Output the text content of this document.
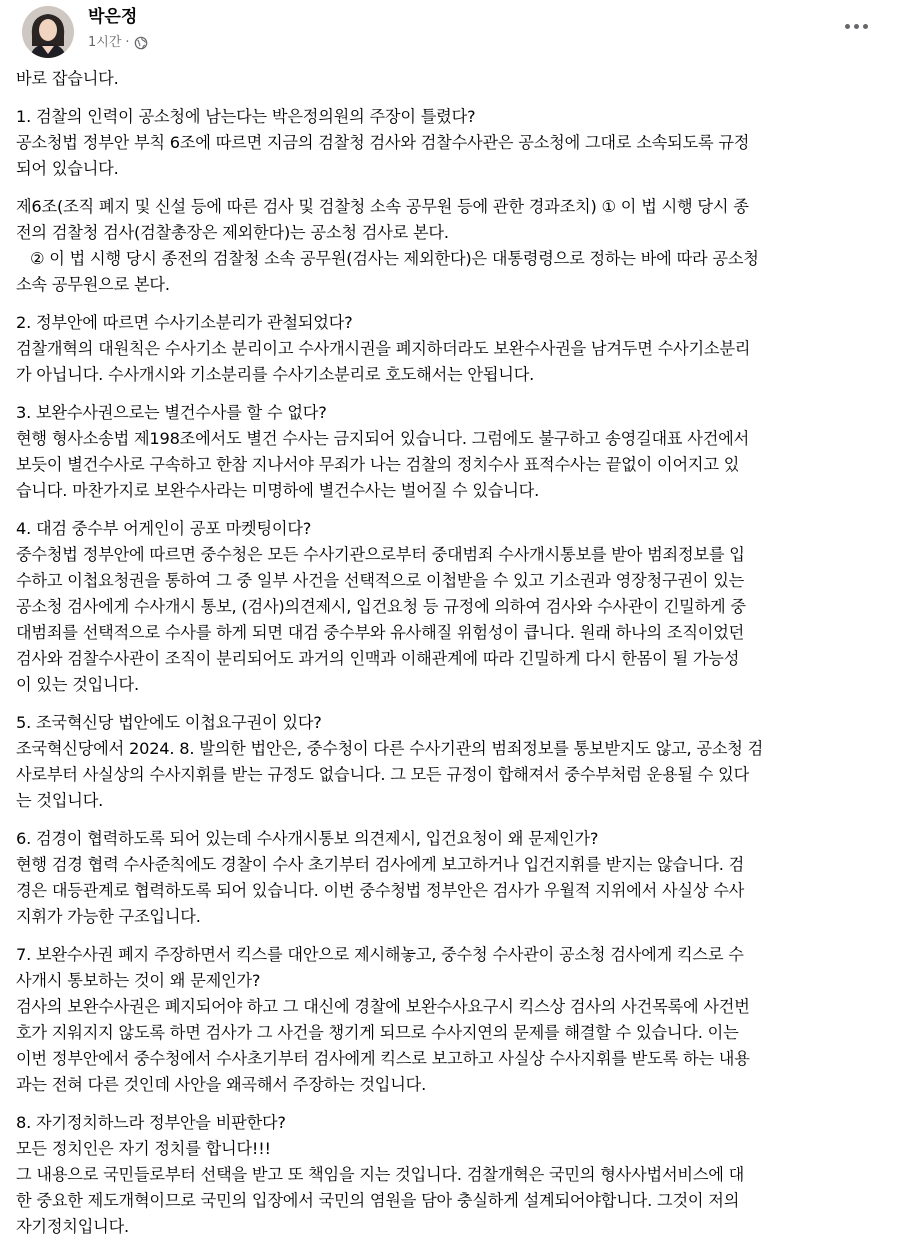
박은정
1시간 ·

바로 잡습니다.

1. 검찰의 인력이 공소청에 남는다는 박은정의원의 주장이 틀렸다?
공소청법 정부안 부칙 6조에 따르면 지금의 검찰청 검사와 검찰수사관은 공소청에 그대로 소속되도록 규정
되어 있습니다.

제6조(조직 폐지 및 신설 등에 따른 검사 및 검찰청 소속 공무원 등에 관한 경과조치) ① 이 법 시행 당시 종
전의 검찰청 검사(검찰총장은 제외한다)는 공소청 검사로 본다.
② 이 법 시행 당시 종전의 검찰청 소속 공무원(검사는 제외한다)은 대통령령으로 정하는 바에 따라 공소청
소속 공무원으로 본다.

2. 정부안에 따르면 수사기소분리가 관철되었다?
검찰개혁의 대원칙은 수사기소 분리이고 수사개시권을 폐지하더라도 보완수사권을 남겨두면 수사기소분리
가 아닙니다. 수사개시와 기소분리를 수사기소분리로 호도해서는 안됩니다.

3. 보완수사권으로는 별건수사를 할 수 없다?
현행 형사소송법 제198조에서도 별건 수사는 금지되어 있습니다. 그럼에도 불구하고 송영길대표 사건에서
보듯이 별건수사로 구속하고 한참 지나서야 무죄가 나는 검찰의 정치수사 표적수사는 끝없이 이어지고 있
습니다. 마찬가지로 보완수사라는 미명하에 별건수사는 벌어질 수 있습니다.

4. 대검 중수부 어게인이 공포 마켓팅이다?
중수청법 정부안에 따르면 중수청은 모든 수사기관으로부터 중대범죄 수사개시통보를 받아 범죄정보를 입
수하고 이첩요청권을 통하여 그 중 일부 사건을 선택적으로 이첩받을 수 있고 기소권과 영장청구권이 있는
공소청 검사에게 수사개시 통보, (검사)의견제시, 입건요청 등 규정에 의하여 검사와 수사관이 긴밀하게 중
대범죄를 선택적으로 수사를 하게 되면 대검 중수부와 유사해질 위험성이 큽니다. 원래 하나의 조직이었던
검사와 검찰수사관이 조직이 분리되어도 과거의 인맥과 이해관계에 따라 긴밀하게 다시 한몸이 될 가능성
이 있는 것입니다.

5. 조국혁신당 법안에도 이첩요구권이 있다?
조국혁신당에서 2024. 8. 발의한 법안은, 중수청이 다른 수사기관의 범죄정보를 통보받지도 않고, 공소청 검
사로부터 사실상의 수사지휘를 받는 규정도 없습니다. 그 모든 규정이 합해져서 중수부처럼 운용될 수 있다
는 것입니다.

6. 검경이 협력하도록 되어 있는데 수사개시통보 의견제시, 입건요청이 왜 문제인가?
현행 검경 협력 수사준칙에도 경찰이 수사 초기부터 검사에게 보고하거나 입건지휘를 받지는 않습니다. 검
경은 대등관계로 협력하도록 되어 있습니다. 이번 중수청법 정부안은 검사가 우월적 지위에서 사실상 수사
지휘가 가능한 구조입니다.

7. 보완수사권 폐지 주장하면서 킥스를 대안으로 제시해놓고, 중수청 수사관이 공소청 검사에게 킥스로 수
사개시 통보하는 것이 왜 문제인가?
검사의 보완수사권은 폐지되어야 하고 그 대신에 경찰에 보완수사요구시 킥스상 검사의 사건목록에 사건번
호가 지워지지 않도록 하면 검사가 그 사건을 챙기게 되므로 수사지연의 문제를 해결할 수 있습니다. 이는
이번 정부안에서 중수청에서 수사초기부터 검사에게 킥스로 보고하고 사실상 수사지휘를 받도록 하는 내용
과는 전혀 다른 것인데 사안을 왜곡해서 주장하는 것입니다.

8. 자기정치하느라 정부안을 비판한다?
모든 정치인은 자기 정치를 합니다!!!
그 내용으로 국민들로부터 선택을 받고 또 책임을 지는 것입니다. 검찰개혁은 국민의 형사사법서비스에 대
한 중요한 제도개혁이므로 국민의 입장에서 국민의 염원을 담아 충실하게 설계되어야합니다. 그것이 저의
자기정치입니다.
